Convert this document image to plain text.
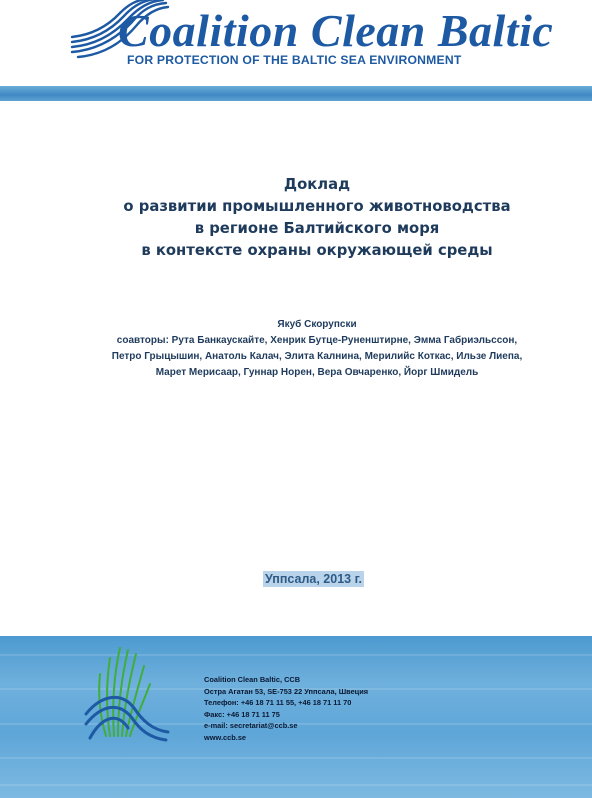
Coalition Clean Baltic
FOR PROTECTION OF THE BALTIC SEA ENVIRONMENT
Доклад
о развитии промышленного животноводства
в регионе Балтийского моря
в контексте охраны окружающей среды
Якуб Скорупски
соавторы: Рута Банкаускайте, Хенрик Бутце-Руненштирне, Эмма Габриэльссон,
Петро Грыцышин, Анатоль Калач, Элита Калнина, Мерилийс Коткас, Ильзе Лиепа,
Марет Мерисаар, Гуннар Норен, Вера Овчаренко, Йорг Шмидель
Уппсала, 2013 г.
Coalition Clean Baltic, CCB
Остра Агатан 53, SE-753 22 Уппсала, Швеция
Телефон: +46 18 71 11 55, +46 18 71 11 70
Факс: +46 18 71 11 75
e-mail: secretariat@ccb.se
www.ccb.se
